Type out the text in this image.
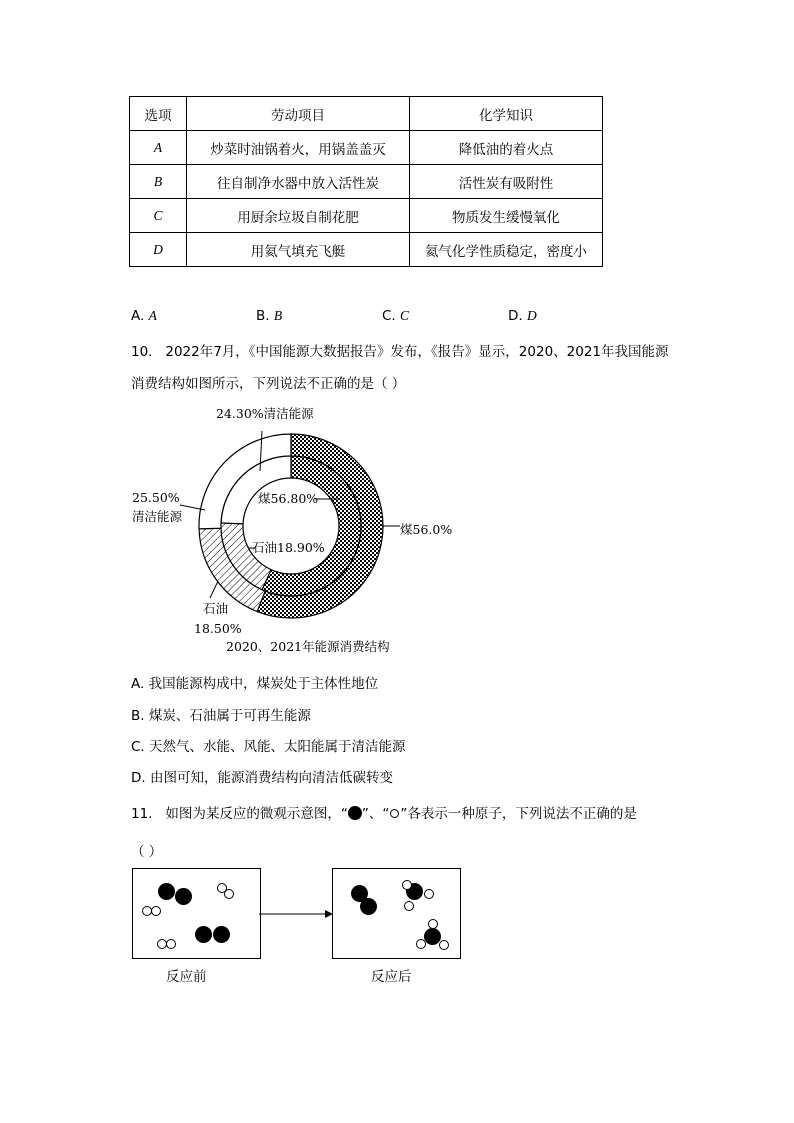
选项	劳动项目	化学知识
A	炒菜时油锅着火，用锅盖盖灭	降低油的着火点
B	往自制净水器中放入活性炭	活性炭有吸附性
C	用厨余垃圾自制花肥	物质发生缓慢氧化
D	用氦气填充飞艇	氦气化学性质稳定，密度小
A. A	B. B	C. C	D. D
10. 2022年7月，《中国能源大数据报告》发布，《报告》显示，2020、2021年我国能源
消费结构如图所示，下列说法不正确的是（ ）
24.30%清洁能源
煤56.80%
石油18.90%
煤56.0%
25.50%
清洁能源
石油
18.50%
2020、2021年能源消费结构
A. 我国能源构成中，煤炭处于主体性地位
B. 煤炭、石油属于可再生能源
C. 天然气、水能、风能、太阳能属于清洁能源
D. 由图可知，能源消费结构向清洁低碳转变
11. 如图为某反应的微观示意图，“ ”、“ ”各表示一种原子，下列说法不正确的是
（ ）
反应前	反应后
